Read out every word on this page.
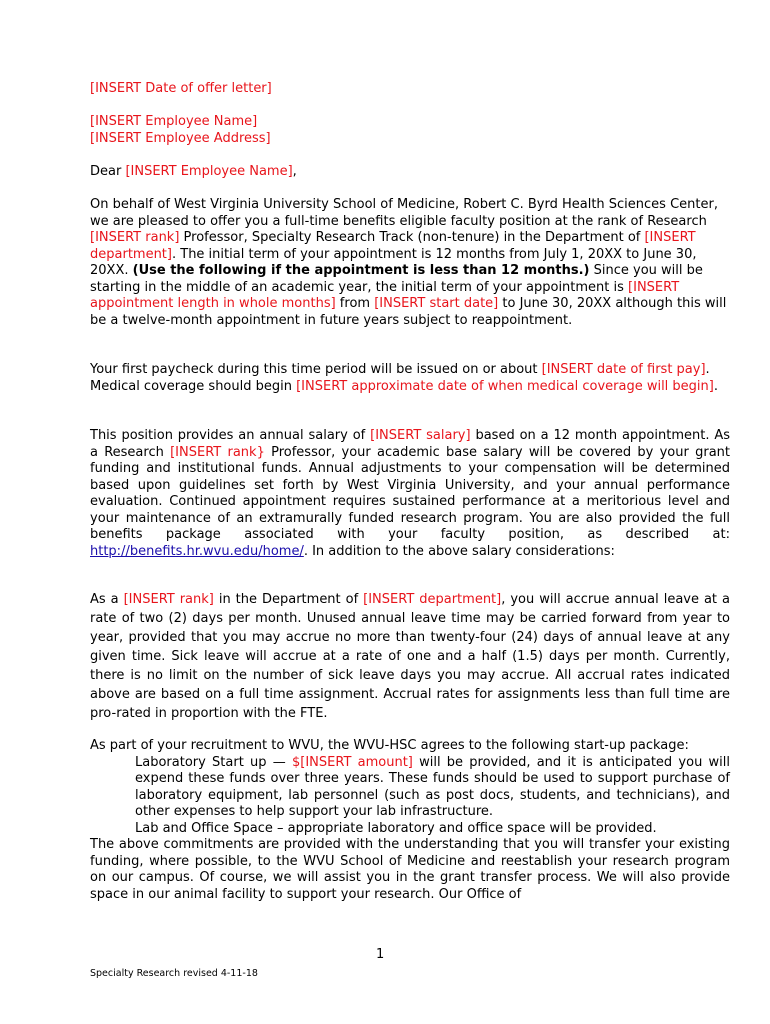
[INSERT Date of offer letter]

[INSERT Employee Name]

[INSERT Employee Address]

Dear [INSERT Employee Name],

On behalf of West Virginia University School of Medicine, Robert C. Byrd Health Sciences Center, we are pleased to offer you a full-time benefits eligible faculty position at the rank of Research [INSERT rank] Professor, Specialty Research Track (non-tenure) in the Department of [INSERT department]. The initial term of your appointment is 12 months from July 1, 20XX to June 30, 20XX. (Use the following if the appointment is less than 12 months.) Since you will be starting in the middle of an academic year, the initial term of your appointment is [INSERT appointment length in whole months] from [INSERT start date] to June 30, 20XX although this will be a twelve-month appointment in future years subject to reappointment.

Your first paycheck during this time period will be issued on or about [INSERT date of first pay]. Medical coverage should begin [INSERT approximate date of when medical coverage will begin].

This position provides an annual salary of [INSERT salary] based on a 12 month appointment. As a Research [INSERT rank} Professor, your academic base salary will be covered by your grant funding and institutional funds. Annual adjustments to your compensation will be determined based upon guidelines set forth by West Virginia University, and your annual performance evaluation. Continued appointment requires sustained performance at a meritorious level and your maintenance of an extramurally funded research program. You are also provided the full benefits package associated with your faculty position, as described at: http://benefits.hr.wvu.edu/home/. In addition to the above salary considerations:

As a [INSERT rank] in the Department of [INSERT department], you will accrue annual leave at a rate of two (2) days per month. Unused annual leave time may be carried forward from year to year, provided that you may accrue no more than twenty-four (24) days of annual leave at any given time. Sick leave will accrue at a rate of one and a half (1.5) days per month. Currently, there is no limit on the number of sick leave days you may accrue. All accrual rates indicated above are based on a full time assignment. Accrual rates for assignments less than full time are pro-rated in proportion with the FTE.

As part of your recruitment to WVU, the WVU-HSC agrees to the following start-up package:

Laboratory Start up — $[INSERT amount] will be provided, and it is anticipated you will expend these funds over three years. These funds should be used to support purchase of laboratory equipment, lab personnel (such as post docs, students, and technicians), and other expenses to help support your lab infrastructure.

Lab and Office Space – appropriate laboratory and office space will be provided.

The above commitments are provided with the understanding that you will transfer your existing funding, where possible, to the WVU School of Medicine and reestablish your research program on our campus. Of course, we will assist you in the grant transfer process. We will also provide space in our animal facility to support your research. Our Office of

1
Specialty Research revised 4-11-18
